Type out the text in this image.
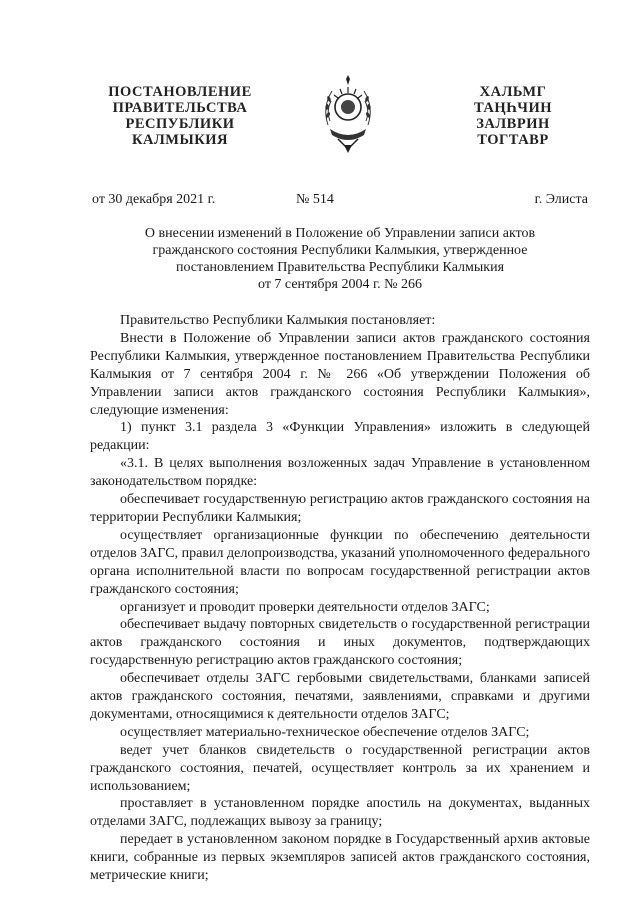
ПОСТАНОВЛЕНИЕ
ПРАВИТЕЛЬСТВА
РЕСПУБЛИКИ
КАЛМЫКИЯ
ХАЛЬМГ
ТАҢҺЧИН
ЗАЛВРИН
ТОГТАВР
от 30 декабря 2021 г.	№ 514	г. Элиста
О внесении изменений в Положение об Управлении записи актов
гражданского состояния Республики Калмыкия, утвержденное
постановлением Правительства Республики Калмыкия
от 7 сентября 2004 г. № 266

Правительство Республики Калмыкия постановляет:

Внести в Положение об Управлении записи актов гражданского состояния Республики Калмыкия, утвержденное постановлением Правительства Республики Калмыкия от 7 сентября 2004 г. № 266 «Об утверждении Положения об Управлении записи актов гражданского состояния Республики Калмыкия», следующие изменения:

1) пункт 3.1 раздела 3 «Функции Управления» изложить в следующей редакции:

«3.1. В целях выполнения возложенных задач Управление в установленном законодательством порядке:

обеспечивает государственную регистрацию актов гражданского состояния на территории Республики Калмыкия;

осуществляет организационные функции по обеспечению деятельности отделов ЗАГС, правил делопроизводства, указаний уполномоченного федерального органа исполнительной власти по вопросам государственной регистрации актов гражданского состояния;

организует и проводит проверки деятельности отделов ЗАГС;

обеспечивает выдачу повторных свидетельств о государственной регистрации актов гражданского состояния и иных документов, подтверждающих государственную регистрацию актов гражданского состояния;

обеспечивает отделы ЗАГС гербовыми свидетельствами, бланками записей актов гражданского состояния, печатями, заявлениями, справками и другими документами, относящимися к деятельности отделов ЗАГС;

осуществляет материально-техническое обеспечение отделов ЗАГС;

ведет учет бланков свидетельств о государственной регистрации актов гражданского состояния, печатей, осуществляет контроль за их хранением и использованием;

проставляет в установленном порядке апостиль на документах, выданных отделами ЗАГС, подлежащих вывозу за границу;

передает в установленном законом порядке в Государственный архив актовые книги, собранные из первых экземпляров записей актов гражданского состояния, метрические книги;
